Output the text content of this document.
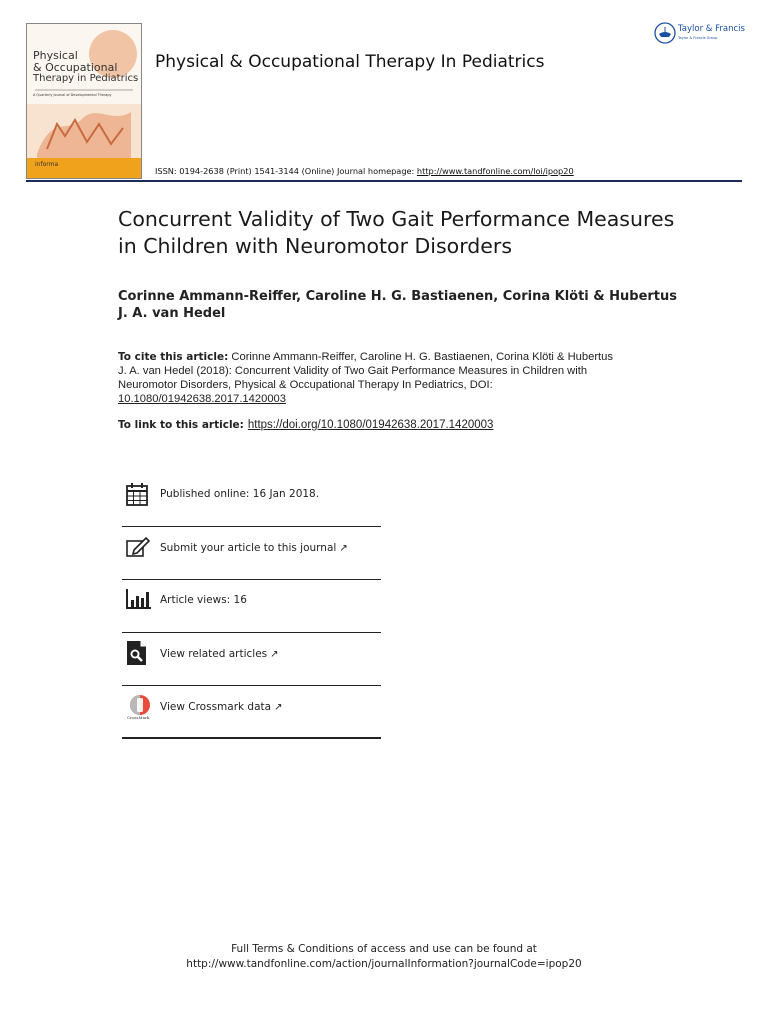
Physical
& Occupational
Therapy in Pediatrics
A Quarterly Journal of Developmental Therapy
informa
Physical & Occupational Therapy In Pediatrics
ISSN: 0194-2638 (Print) 1541-3144 (Online) Journal homepage: http://www.tandfonline.com/loi/ipop20
Taylor & Francis
Taylor & Francis Group
Concurrent Validity of Two Gait Performance Measures in Children with Neuromotor Disorders
Corinne Ammann-Reiffer, Caroline H. G. Bastiaenen, Corina Klöti & Hubertus J. A. van Hedel
To cite this article: Corinne Ammann-Reiffer, Caroline H. G. Bastiaenen, Corina Klöti & Hubertus J. A. van Hedel (2018): Concurrent Validity of Two Gait Performance Measures in Children with Neuromotor Disorders, Physical & Occupational Therapy In Pediatrics, DOI: 10.1080/01942638.2017.1420003
To link to this article: https://doi.org/10.1080/01942638.2017.1420003
Published online: 16 Jan 2018.
Submit your article to this journal ↗︎
Article views: 16
View related articles ↗︎
CrossMark
View Crossmark data ↗︎
Full Terms & Conditions of access and use can be found at
http://www.tandfonline.com/action/journalInformation?journalCode=ipop20
